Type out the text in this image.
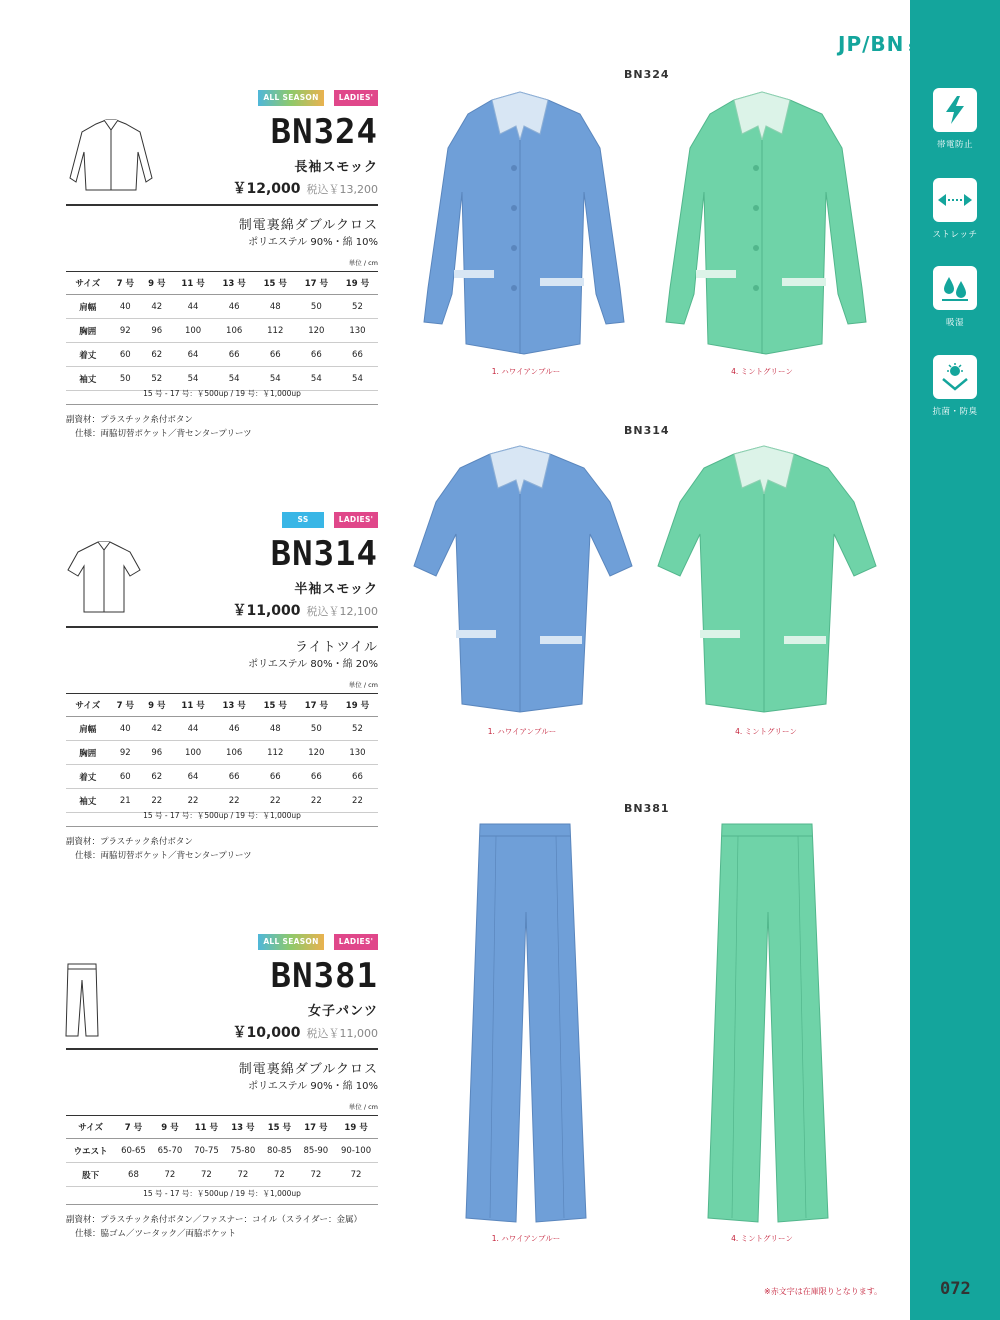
JP/BN
帯電防止
ストレッチ
吸湿
抗菌・防臭
ALL SEASON	LADIES'
BN324
長袖スモック
￥12,000 税込￥13,200
制電裏綿ダブルクロス
ポリエステル 90%・綿 10%
単位 / cm
サイズ	7 号	9 号	11 号	13 号	15 号	17 号	19 号
肩幅	40	42	44	46	48	50	52
胸囲	92	96	100	106	112	120	130
着丈	60	62	64	66	66	66	66
袖丈	50	52	54	54	54	54	54
15 号 - 17 号：￥500up / 19 号：￥1,000up
副資材：プラスチック糸付ボタン
仕様：両脇切替ポケット／背センタープリーツ
SS	LADIES'
BN314
半袖スモック
￥11,000 税込￥12,100
ライトツイル
ポリエステル 80%・綿 20%
単位 / cm
サイズ	7 号	9 号	11 号	13 号	15 号	17 号	19 号
肩幅	40	42	44	46	48	50	52
胸囲	92	96	100	106	112	120	130
着丈	60	62	64	66	66	66	66
袖丈	21	22	22	22	22	22	22
15 号 - 17 号：￥500up / 19 号：￥1,000up
副資材：プラスチック糸付ボタン
仕様：両脇切替ポケット／背センタープリーツ
ALL SEASON	LADIES'
BN381
女子パンツ
￥10,000 税込￥11,000
制電裏綿ダブルクロス
ポリエステル 90%・綿 10%
単位 / cm
サイズ	7 号	9 号	11 号	13 号	15 号	17 号	19 号
ウエスト	60-65	65-70	70-75	75-80	80-85	85-90	90-100
股下	68	72	72	72	72	72	72
15 号 - 17 号：￥500up / 19 号：￥1,000up
副資材：プラスチック糸付ボタン／ファスナー：コイル（スライダー：金属）
仕様：脇ゴム／ツータック／両脇ポケット
BN324
BN314
BN381
1. ハワイアンブルー	4. ミントグリーン
1. ハワイアンブルー	4. ミントグリーン
1. ハワイアンブルー	4. ミントグリーン
※赤文字は在庫限りとなります。	072
